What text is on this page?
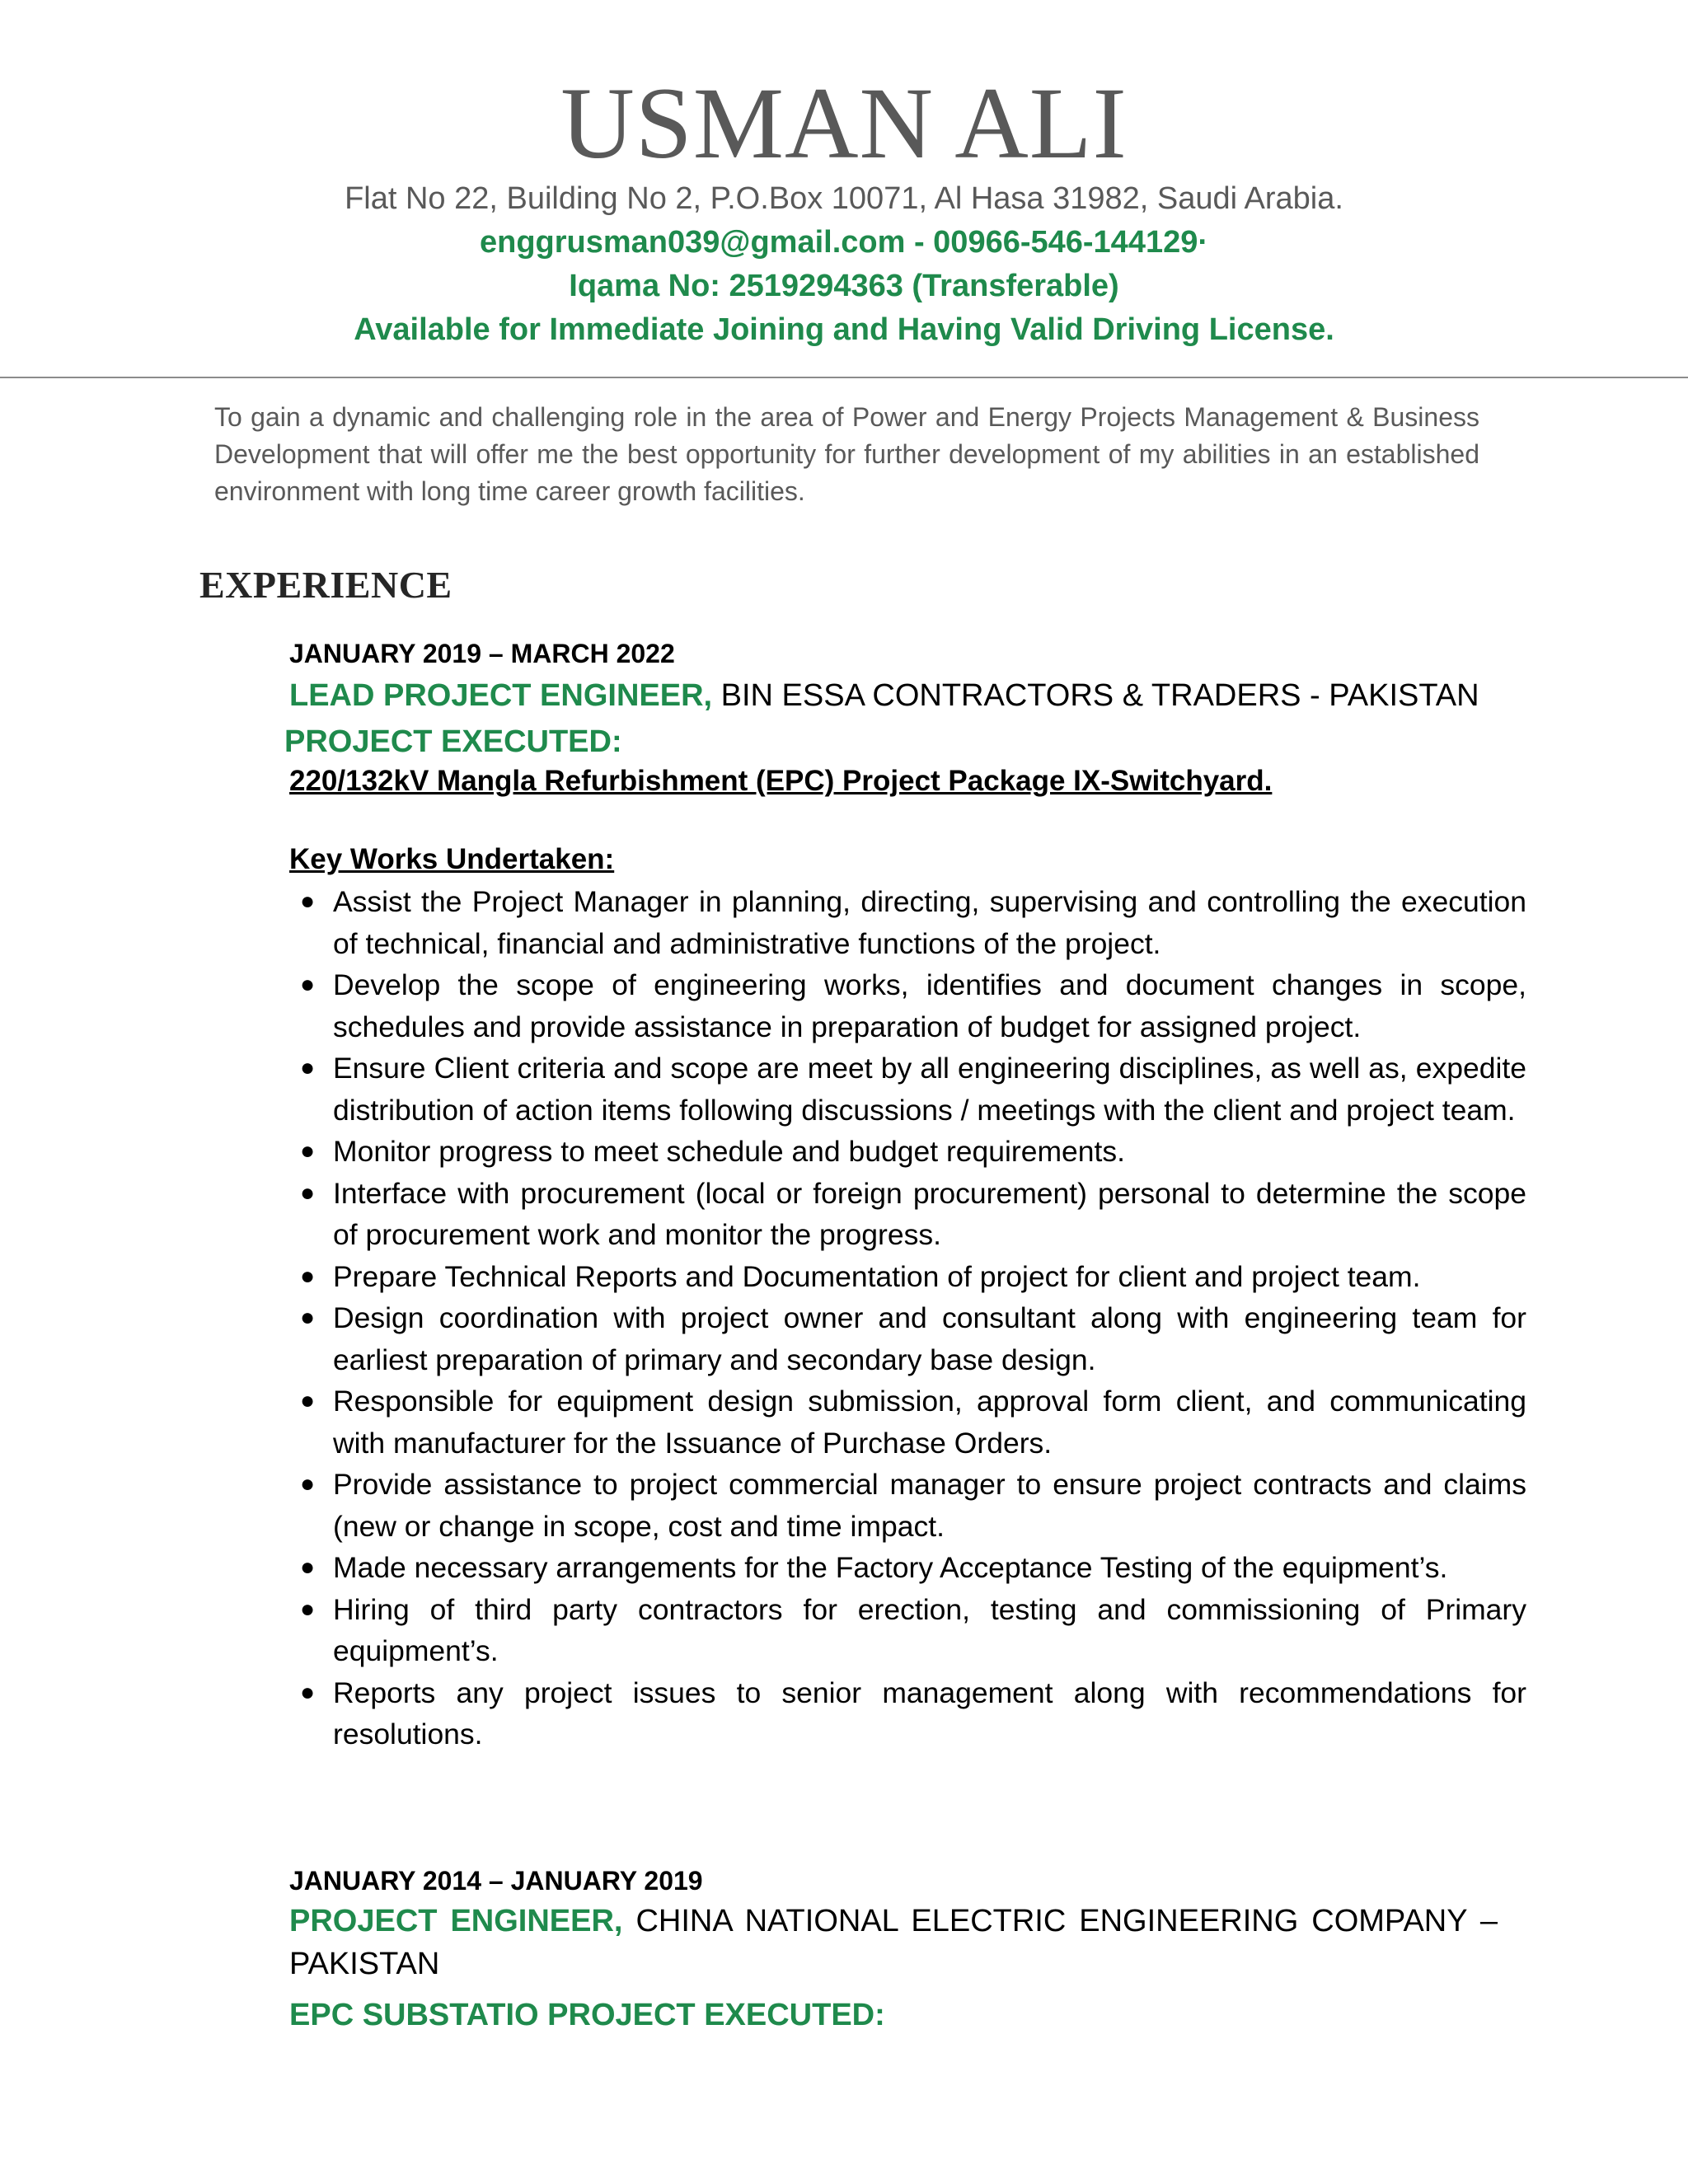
USMAN ALI
Flat No 22, Building No 2, P.O.Box 10071, Al Hasa 31982, Saudi Arabia.
enggrusman039@gmail.com - 00966-546-144129·
Iqama No: 2519294363 (Transferable)
Available for Immediate Joining and Having Valid Driving License.
To gain a dynamic and challenging role in the area of Power and Energy Projects Management & Business Development that will offer me the best opportunity for further development of my abilities in an established environment with long time career growth facilities.
EXPERIENCE
JANUARY 2019 – MARCH 2022
LEAD PROJECT ENGINEER, BIN ESSA CONTRACTORS & TRADERS - PAKISTAN
PROJECT EXECUTED:
220/132kV Mangla Refurbishment (EPC) Project Package IX-Switchyard.
Key Works Undertaken:
● Assist the Project Manager in planning, directing, supervising and controlling the execution of technical, financial and administrative functions of the project.
● Develop the scope of engineering works, identifies and document changes in scope, schedules and provide assistance in preparation of budget for assigned project.
● Ensure Client criteria and scope are meet by all engineering disciplines, as well as, expedite distribution of action items following discussions / meetings with the client and project team.
● Monitor progress to meet schedule and budget requirements.
● Interface with procurement (local or foreign procurement) personal to determine the scope of procurement work and monitor the progress.
● Prepare Technical Reports and Documentation of project for client and project team.
● Design coordination with project owner and consultant along with engineering team for earliest preparation of primary and secondary base design.
● Responsible for equipment design submission, approval form client, and communicating with manufacturer for the Issuance of Purchase Orders.
● Provide assistance to project commercial manager to ensure project contracts and claims (new or change in scope, cost and time impact.
● Made necessary arrangements for the Factory Acceptance Testing of the equipment’s.
● Hiring of third party contractors for erection, testing and commissioning of Primary equipment’s.
● Reports any project issues to senior management along with recommendations for resolutions.
JANUARY 2014 – JANUARY 2019
PROJECT ENGINEER, CHINA NATIONAL ELECTRIC ENGINEERING COMPANY – PAKISTAN
EPC SUBSTATIO PROJECT EXECUTED:
